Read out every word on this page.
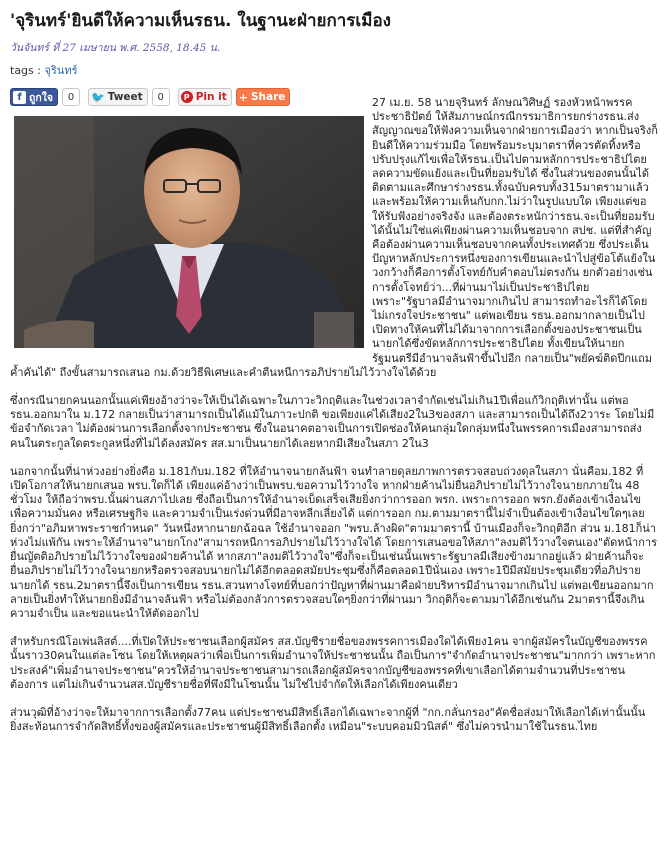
'จุรินทร์'ยินดีให้ความเห็นรธน. ในฐานะฝ่ายการเมือง
วันจันทร์ ที่ 27 เมษายน พ.ศ. 2558, 18.45 น.
tags : จุรินทร์
f ถูกใจ	0	🐦 Tweet	0	P Pin it + Share	27 เม.ย. 58 นายจุรินทร์ ลักษณวิศิษฏ์ รองหัวหน้าพรรคประชาธิปัตย์ ให้สัมภาษณ์กรณีกรรมาธิการยกร่างรธน.ส่งสัญญาณขอให้ฟังความเห็นจากฝ่ายการเมืองว่า หากเป็นจริงก็ยินดีให้ความร่วมมือ โดยพร้อมระบุมาตราที่ควรตัดทิ้งหรือปรับปรุงแก้ไขเพื่อให้รธน.เป็นไปตามหลักการประชาธิปไตย ลดความขัดแย้งและเป็นที่ยอมรับได้ ซึ่งในส่วนของตนนั้นได้ติดตามและศึกษาร่างรธน.ทั้งฉบับครบทั้ง315มาตรามาแล้วและพร้อมให้ความเห็นกับกก.ไม่ว่าในรูปแบบใด เพียงแต่ขอให้รับฟังอย่างจริงจัง และต้องตระหนักว่ารธน.จะเป็นที่ยอมรับได้นั้นไม่ใช่แค่เพียงผ่านความเห็นชอบจาก สปช. แต่ที่สำคัญคือต้องผ่านความเห็นชอบจากคนทั้งประเทศด้วย ซึ่งประเด็นปัญหาหลักประการหนึ่งของการเขียนและนำไปสู่ข้อโต้แย้งในวงกว้างก็คือการตั้งโจทย์กับคำตอบไม่ตรงกัน ยกตัวอย่างเช่น การตั้งโจทย์ว่า...ที่ผ่านมาไม่เป็นประชาธิปไตย เพราะ"รัฐบาลมีอำนาจมากเกินไป สามารถทำอะไรก็ได้โดยไม่เกรงใจประชาชน" แต่พอเขียน รธน.ออกมากลายเป็นไปเปิดทางให้คนที่ไม่ได้มาจากการเลือกตั้งของประชาชนเป็นนายกได้ซึ่งขัดหลักการประชาธิปไตย ทั้งเขียนให้นายกรัฐมนตรีมีอำนาจล้นฟ้าขึ้นไปอีก กลายเป็น"พยัคฆ์ติดปีกแถมค้ำคันได้" ถึงขั้นสามารถเสนอ กม.ด้วยวิธีพิเศษและคำตีนหนีการอภิปรายไม่ไว้วางใจได้ด้วย

ซึ่งกรณีนายกคนนอกนั้นแค่เพียงอ้างว่าจะให้เป็นได้เฉพาะในภาวะวิกฤติและในช่วงเวลาจำกัดเช่นไม่เกิน1ปีเพื่อแก้วิกฤติเท่านั้น แต่พอ รธน.ออกมาใน ม.172 กลายเป็นว่าสามารถเป็นได้แม้ในภาวะปกติ ขอเพียงแค่ได้เสียง2ใน3ของสภา และสามารถเป็นได้ถึง2วาระ โดยไม่มีข้อจำกัดเวลา ไม่ต้องผ่านการเลือกตั้งจากประชาชน ซึ่งในอนาคตอาจเป็นการเปิดช่องให้คนกลุ่มใดกลุ่มหนึ่งในพรรคการเมืองสามารถส่งคนในตระกูลใดตระกูลหนึ่งที่ไม่ได้ลงสมัคร สส.มาเป็นนายกได้เลยหากมีเสียงในสภา 2ใน3

นอกจากนั้นที่น่าห่วงอย่างยิ่งคือ ม.181กับม.182 ที่ให้อำนาจนายกล้นฟ้า จนทำลายดุลยภาพการตรวจสอบถ่วงดุลในสภา นั่นคือม.182 ที่เปิดโอกาสให้นายกเสนอ พรบ.ใดก็ได้ เพียงแค่อ้างว่าเป็นพรบ.ขอความไว้วางใจ หากฝ่ายค้านไม่ยื่นอภิปรายไม่ไว้วางใจนายกภายใน 48 ชั่วโมง ให้ถือว่าพรบ.นั้นผ่านสภาไปเลย ซึ่งถือเป็นการให้อำนาจเบ็ดเสร็จเสียยิ่งกว่าการออก พรก. เพราะการออก พรก.ยังต้องเข้าเงื่อนไขเพื่อความมั่นคง หรือเศรษฐกิจ และความจำเป็นเร่งด่วนที่มีอาจหลีกเลี่ยงได้ แต่การออก กม.ตามมาตรานี้ไม่จำเป็นต้องเข้าเงื่อนไขใดๆเลย ยิ่งกว่า"อภิมหาพระราชกำหนด" วันหนึ่งหากนายกฉ้อฉล ใช้อำนาจออก "พรบ.ล้างผิด"ตามมาตรานี้ บ้านเมืองก็จะวิกฤติอีก ส่วน ม.181ก็น่าห่วงไม่แพ้กัน เพราะให้อำนาจ"นายกโกง"สามารถหนีการอภิปรายไม่ไว้วางใจได้ โดยการเสนอขอให้สภา"ลงมติไว้วางใจตนเอง"ตัดหน้าการยื่นญัตติอภิปรายไม่ไว้วางใจของฝ่ายค้านได้ หากสภา"ลงมติไว้วางใจ"ซึ่งก็จะเป็นเช่นนั้นเพราะรัฐบาลมีเสียงข้างมากอยู่แล้ว ฝ่ายค้านก็จะยื่นอภิปรายไม่ไว้วางใจนายกหรือตรวจสอบนายกไม่ได้อีกตลอดสมัยประชุมซึ่งก็คือตลอด1ปีนั่นเอง เพราะ1ปีมีสมัยประชุมเดียวที่อภิปรายนายกได้ รธน.2มาตรานี้จึงเป็นการเขียน รธน.สวนทางโจทย์ที่บอกว่าปัญหาที่ผ่านมาคือฝ่ายบริหารมีอำนาจมากเกินไป แต่พอเขียนออกมากลายเป็นยิ่งทำให้นายกยิ่งมีอำนาจล้นฟ้า หรือไม่ต้องกลัวการตรวจสอบใดๆยิ่งกว่าที่ผ่านมา วิกฤติก็จะตามมาได้อีกเช่นกัน 2มาตรานี้จึงเกินความจำเป็น และขอแนะนำให้ตัดออกไป

สำหรับกรณีโอเพ่นลิสต์....ที่เปิดให้ประชาชนเลือกผู้สมัคร สส.บัญชีรายชื่อของพรรคการเมืองใดได้เพียง1คน จากผู้สมัครในบัญชีของพรรคนั้นราว30คนในแต่ละโซน โดยให้เหตุผลว่าเพื่อเป็นการเพิ่มอำนาจให้ประชาชนนั้น ถือเป็นการ"จำกัดอำนาจประชาชน"มากกว่า เพราะหากประสงค์"เพิ่มอำนาจประชาชน"ควรให้อำนาจประชาชนสามารถเลือกผู้สมัครจากบัญชีของพรรคที่เขาเลือกได้ตามจำนวนที่ประชาชนต้องการ แต่ไม่เกินจำนวนสส.บัญชีรายชื่อที่พึงมีในโซนนั้น ไม่ใช่ไปจำกัดให้เลือกได้เพียงคนเดียว

ส่วนวุฒิที่อ้างว่าจะให้มาจากการเลือกตั้ง77คน แต่ประชาชนมีสิทธิ์เลือกได้เฉพาะจากผู้ที่ "กก.กลั่นกรอง"คัดชื่อส่งมาให้เลือกได้เท่านั้นนั้น ยิ่งสะท้อนการจำกัดสิทธิ์ทั้งของผู้สมัครและประชาชนผู้มีสิทธิ์เลือกตั้ง เหมือน"ระบบคอมมิวนิสต์" ซึ่งไม่ควรนำมาใช้ในรธน.ไทย
